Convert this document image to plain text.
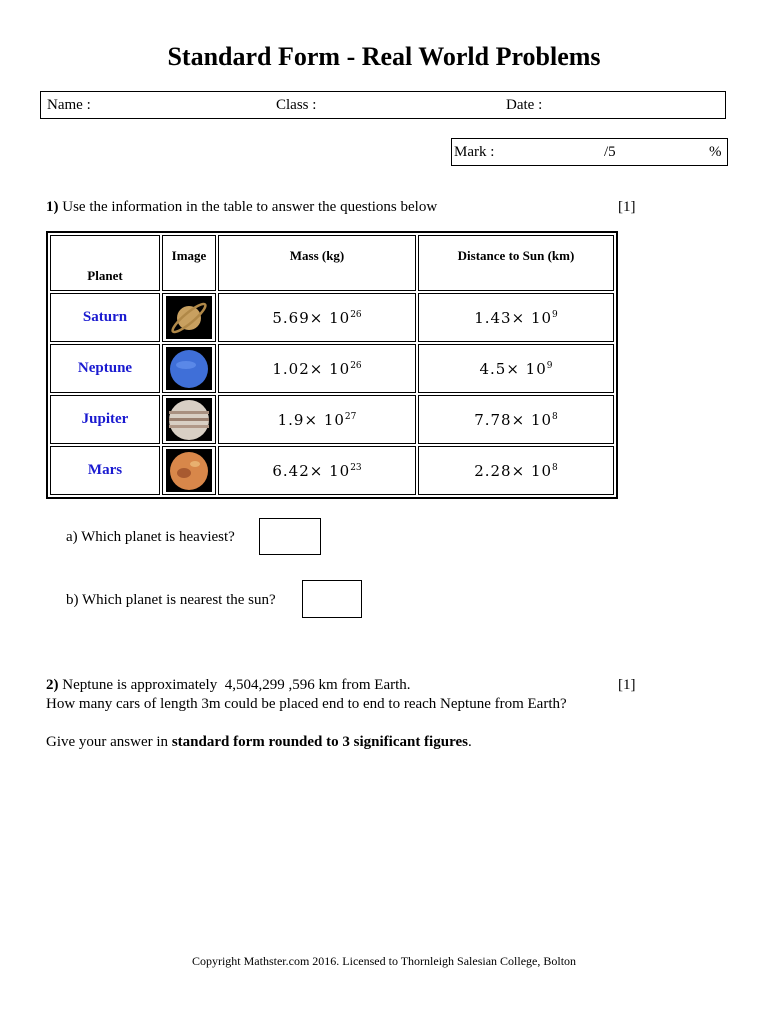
Standard Form - Real World Problems
Name :	Class :	Date :
Mark :	/5	%
1) Use the information in the table to answer the questions below	[1]
Planet	Image	Mass (kg)	Distance to Sun (km)
Saturn		$5.69\times 10^{26}$	$1.43\times 10^9$
Neptune		$1.02\times 10^{26}$	$4.5\times 10^9$
Jupiter		$1.9\times 10^{27}$	$7.78\times 10^8$
Mars		$6.42\times 10^{23}$	$2.28\times 10^8$
a) Which planet is heaviest?
b) Which planet is nearest the sun?
2) Neptune is approximately 4,504,299 ,596 km from Earth.	[1]
How many cars of length 3m could be placed end to end to reach Neptune from Earth?
Give your answer in standard form rounded to 3 significant figures.
Copyright Mathster.com 2016. Licensed to Thornleigh Salesian College, Bolton
